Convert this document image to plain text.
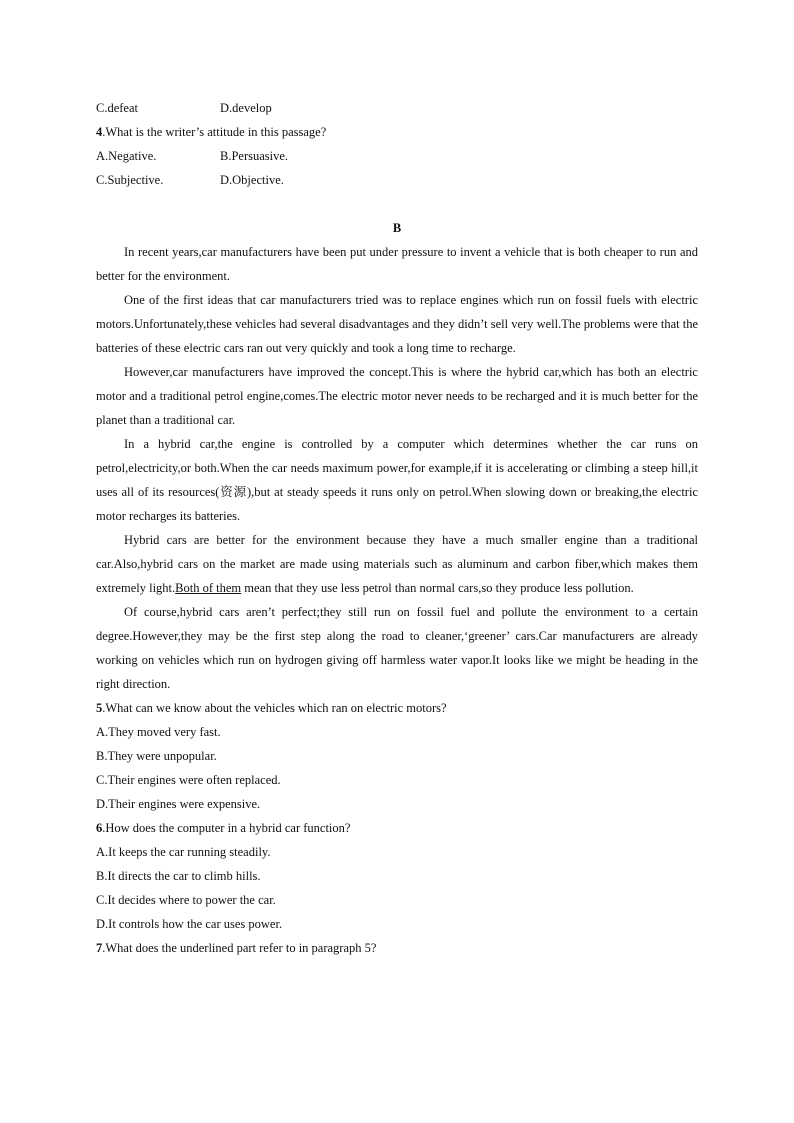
C.defeat	D.develop
4.What is the writer’s attitude in this passage?
A.Negative.	B.Persuasive.
C.Subjective.	D.Objective.
B

In recent years,car manufacturers have been put under pressure to invent a vehicle that is both cheaper to run and better for the environment.

One of the first ideas that car manufacturers tried was to replace engines which run on fossil fuels with electric motors.Unfortunately,these vehicles had several disadvantages and they didn’t sell very well.The problems were that the batteries of these electric cars ran out very quickly and took a long time to recharge.

However,car manufacturers have improved the concept.This is where the hybrid car,which has both an electric motor and a traditional petrol engine,comes.The electric motor never needs to be recharged and it is much better for the planet than a traditional car.

In a hybrid car,the engine is controlled by a computer which determines whether the car runs on petrol,electricity,or both.When the car needs maximum power,for example,if it is accelerating or climbing a steep hill,it uses all of its resources(资源),but at steady speeds it runs only on petrol.When slowing down or breaking,the electric motor recharges its batteries.

Hybrid cars are better for the environment because they have a much smaller engine than a traditional car.Also,hybrid cars on the market are made using materials such as aluminum and carbon fiber,which makes them extremely light.Both of them mean that they use less petrol than normal cars,so they produce less pollution.

Of course,hybrid cars aren’t perfect;they still run on fossil fuel and pollute the environment to a certain degree.However,they may be the first step along the road to cleaner,‘greener’ cars.Car manufacturers are already working on vehicles which run on hydrogen giving off harmless water vapor.It looks like we might be heading in the right direction.

5.What can we know about the vehicles which ran on electric motors?
A.They moved very fast.
B.They were unpopular.
C.Their engines were often replaced.
D.Their engines were expensive.
6.How does the computer in a hybrid car function?
A.It keeps the car running steadily.
B.It directs the car to climb hills.
C.It decides where to power the car.
D.It controls how the car uses power.
7.What does the underlined part refer to in paragraph 5?
